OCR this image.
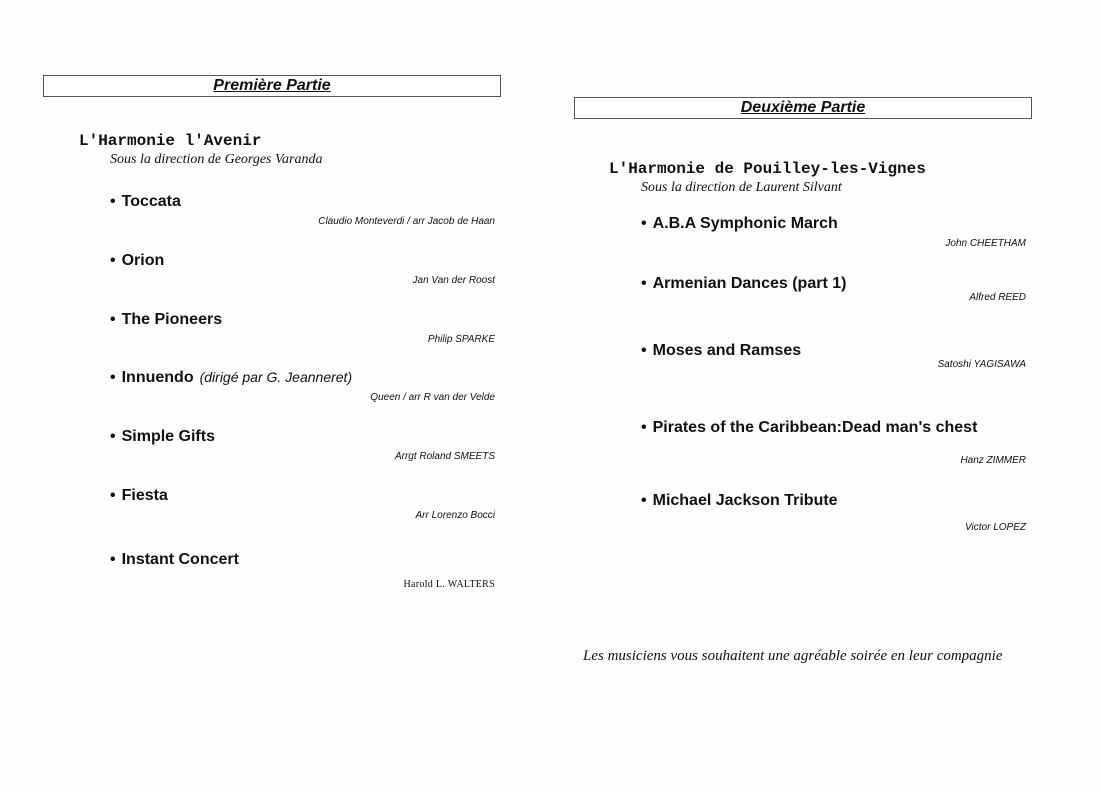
Première Partie
L'Harmonie l'Avenir
Sous la direction de Georges Varanda
• Toccata
Claudio Monteverdi / arr Jacob de Haan
• Orion
Jan Van der Roost
• The Pioneers
Philip SPARKE
• Innuendo (dirigé par G. Jeanneret)
Queen / arr R van der Velde
• Simple Gifts
Arrgt Roland SMEETS
• Fiesta
Arr Lorenzo Bocci
• Instant Concert
Harold L. WALTERS
Deuxième Partie
L'Harmonie de Pouilley-les-Vignes
Sous la direction de Laurent Silvant
• A.B.A Symphonic March
John CHEETHAM
• Armenian Dances (part 1)
Alfred REED
• Moses and Ramses
Satoshi YAGISAWA
• Pirates of the Caribbean:Dead man's chest
Hanz ZIMMER
• Michael Jackson Tribute
Victor LOPEZ
Les musiciens vous souhaitent une agréable soirée en leur compagnie
